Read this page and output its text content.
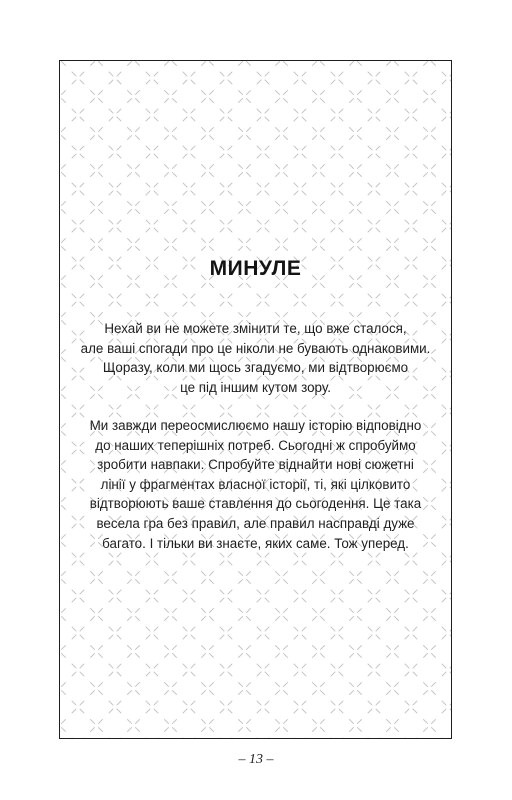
МИНУЛЕ

Нехай ви не можете змінити те, що вже сталося,
але ваші спогади про це ніколи не бувають однаковими.
Щоразу, коли ми щось згадуємо, ми відтворюємо
це під іншим кутом зору.

Ми завжди переосмислюємо нашу історію відповідно
до наших теперішніх потреб. Сьогодні ж спробуймо
зробити навпаки. Спробуйте віднайти нові сюжетні
лінії у фрагментах власної історії, ті, які цілковито
відтворюють ваше ставлення до сьогодення. Це така
весела гра без правил, але правил насправді дуже
багато. І тільки ви знаєте, яких саме. Тож уперед.

– 13 –
